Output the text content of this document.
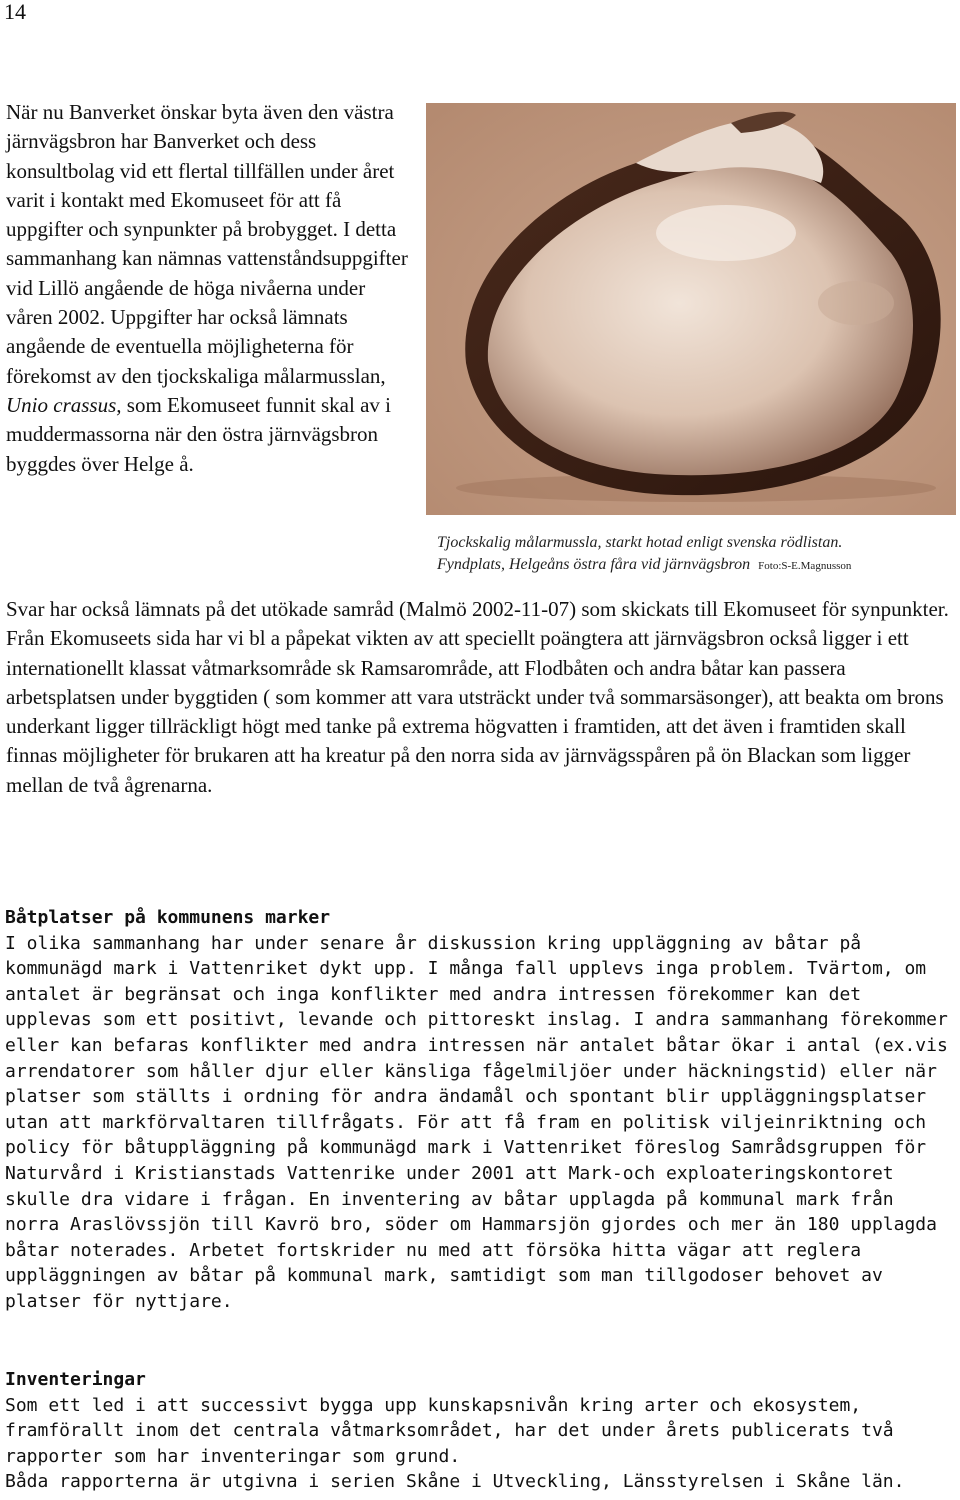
14

När nu Banverket önskar byta även den västra järnvägsbron har Banverket och dess konsultbolag vid ett flertal tillfällen under året varit i kontakt med Ekomuseet för att få uppgifter och synpunkter på brobygget. I detta sammanhang kan nämnas vattenståndsuppgifter vid Lillö angående de höga nivåerna under våren 2002. Uppgifter har också lämnats angående de eventuella möjligheterna för förekomst av den tjockskaliga målarmusslan, Unio crassus, som Ekomuseet funnit skal av i muddermassorna när den östra järnvägsbron byggdes över Helge å.

Tjockskalig målarmussla, starkt hotad enligt svenska rödlistan.
Fyndplats, Helgeåns östra fåra vid järnvägsbron Foto:S-E.Magnusson

Svar har också lämnats på det utökade samråd (Malmö 2002-11-07) som skickats till Ekomuseet för synpunkter. Från Ekomuseets sida har vi bl a påpekat vikten av att speciellt poängtera att järnvägsbron också ligger i ett internationellt klassat våtmarksområde sk Ramsarområde, att Flodbåten och andra båtar kan passera arbetsplatsen under byggtiden ( som kommer att vara utsträckt under två sommarsäsonger), att beakta om brons underkant ligger tillräckligt högt med tanke på extrema högvatten i framtiden, att det även i framtiden skall finnas möjligheter för brukaren att ha kreatur på den norra sida av järnvägsspåren på ön Blackan som ligger mellan de två ågrenarna.

Båtplatser på kommunens marker

I olika sammanhang har under senare år diskussion kring uppläggning av båtar på kommunägd mark i Vattenriket dykt upp. I många fall upplevs inga problem. Tvärtom, om antalet är begränsat och inga konflikter med andra intressen förekommer kan det upplevas som ett positivt, levande och pittoreskt inslag. I andra sammanhang förekommer eller kan befaras konflikter med andra intressen när antalet båtar ökar i antal (ex.vis arrendatorer som håller djur eller känsliga fågelmiljöer under häckningstid) eller när platser som ställts i ordning för andra ändamål och spontant blir uppläggningsplatser utan att markförvaltaren tillfrågats. För att få fram en politisk viljeinriktning och policy för båtuppläggning på kommunägd mark i Vattenriket föreslog Samrådsgruppen för Naturvård i Kristianstads Vattenrike under 2001 att Mark-och exploateringskontoret skulle dra vidare i frågan. En inventering av båtar upplagda på kommunal mark från norra Araslövssjön till Kavrö bro, söder om Hammarsjön gjordes och mer än 180 upplagda båtar noterades. Arbetet fortskrider nu med att försöka hitta vägar att reglera uppläggningen av båtar på kommunal mark, samtidigt som man tillgodoser behovet av platser för nyttjare.

Inventeringar

Som ett led i att successivt bygga upp kunskapsnivån kring arter och ekosystem, framförallt inom det centrala våtmarksområdet, har det under årets publicerats två rapporter som har inventeringar som grund.

Båda rapporterna är utgivna i serien Skåne i Utveckling, Länsstyrelsen i Skåne län.
